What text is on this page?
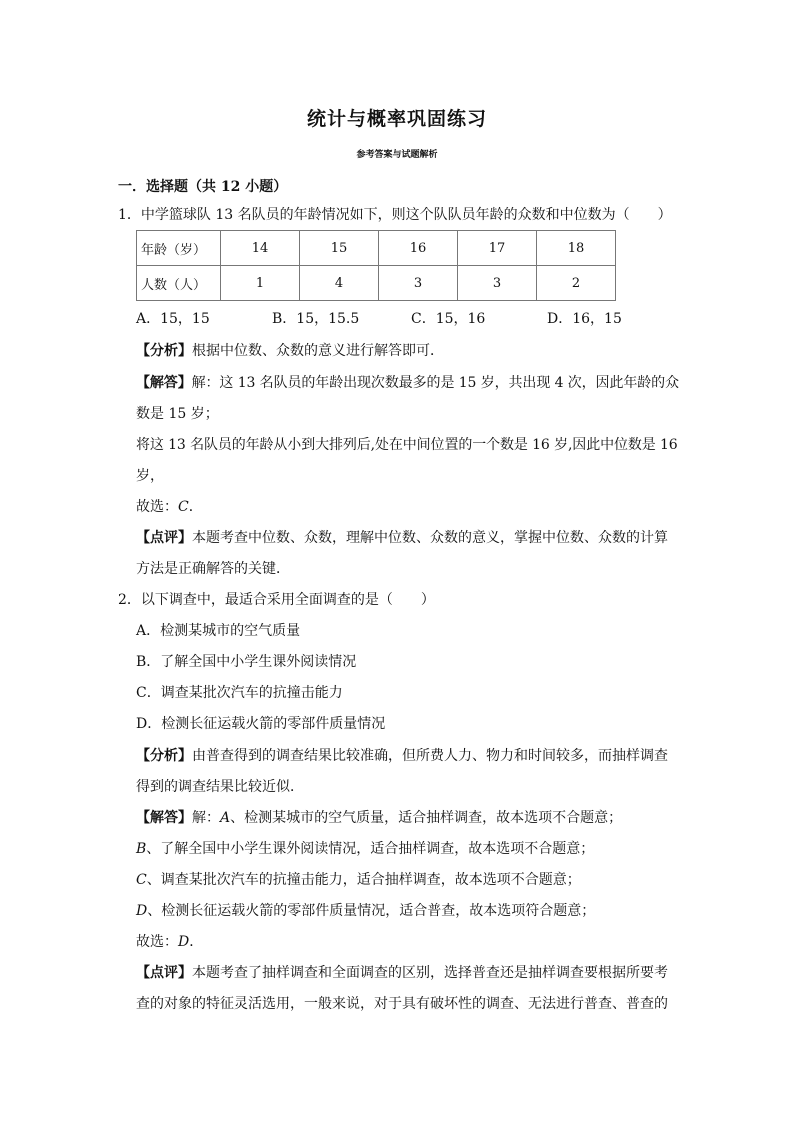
统计与概率巩固练习
参考答案与试题解析
一．选择题（共 12 小题）
1．中学篮球队 13 名队员的年龄情况如下，则这个队队员年龄的众数和中位数为（　　）
年龄（岁）	14	15	16	17	18
人数（人）	1	4	3	3	2
A．15，15	B．15，15.5	C．15，16	D．16，15
【分析】根据中位数、众数的意义进行解答即可．
【解答】解：这 13 名队员的年龄出现次数最多的是 15 岁，共出现 4 次，因此年龄的众
数是 15 岁；
将这 13 名队员的年龄从小到大排列后,处在中间位置的一个数是 16 岁,因此中位数是 16
岁，
故选：C．
【点评】本题考查中位数、众数，理解中位数、众数的意义，掌握中位数、众数的计算
方法是正确解答的关键．
2．以下调查中，最适合采用全面调查的是（　　）
A．检测某城市的空气质量
B．了解全国中小学生课外阅读情况
C．调查某批次汽车的抗撞击能力
D．检测长征运载火箭的零部件质量情况
【分析】由普查得到的调查结果比较准确，但所费人力、物力和时间较多，而抽样调查
得到的调查结果比较近似．
【解答】解：A、检测某城市的空气质量，适合抽样调查，故本选项不合题意；
B、了解全国中小学生课外阅读情况，适合抽样调查，故本选项不合题意；
C、调查某批次汽车的抗撞击能力，适合抽样调查，故本选项不合题意；
D、检测长征运载火箭的零部件质量情况，适合普查，故本选项符合题意；
故选：D．
【点评】本题考查了抽样调查和全面调查的区别，选择普查还是抽样调查要根据所要考
查的对象的特征灵活选用，一般来说，对于具有破坏性的调查、无法进行普查、普查的
